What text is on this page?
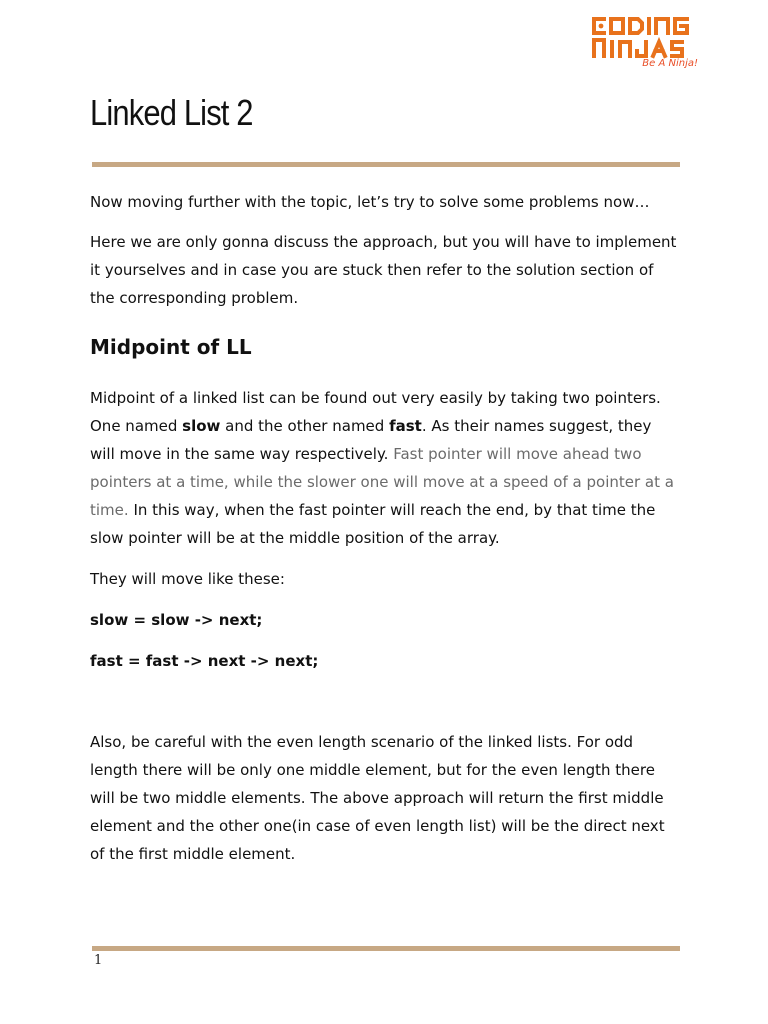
Be A Ninja!
Linked List 2

Now moving further with the topic, let’s try to solve some problems now…

Here we are only gonna discuss the approach, but you will have to implement it yourselves and in case you are stuck then refer to the solution section of the corresponding problem.

Midpoint of LL

Midpoint of a linked list can be found out very easily by taking two pointers. One named slow and the other named fast. As their names suggest, they will move in the same way respectively. Fast pointer will move ahead two pointers at a time, while the slower one will move at a speed of a pointer at a time. In this way, when the fast pointer will reach the end, by that time the slow pointer will be at the middle position of the array.

They will move like these:

slow = slow -> next;

fast = fast -> next -> next;

Also, be careful with the even length scenario of the linked lists. For odd length there will be only one middle element, but for the even length there will be two middle elements. The above approach will return the first middle element and the other one(in case of even length list) will be the direct next of the first middle element.

1
